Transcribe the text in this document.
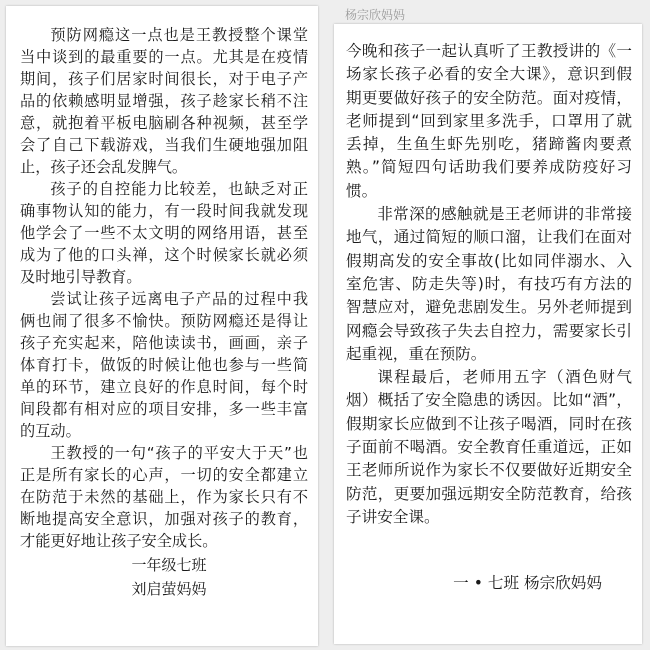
预防网瘾这一点也是王教授整个课堂当中谈到的最重要的一点。尤其是在疫情期间，孩子们居家时间很长，对于电子产品的依赖感明显增强，孩子趁家长稍不注意，就抱着平板电脑刷各种视频，甚至学会了自己下载游戏，当我们生硬地强加阻止，孩子还会乱发脾气。

孩子的自控能力比较差，也缺乏对正确事物认知的能力，有一段时间我就发现他学会了一些不太文明的网络用语，甚至成为了他的口头禅，这个时候家长就必须及时地引导教育。

尝试让孩子远离电子产品的过程中我俩也闹了很多不愉快。预防网瘾还是得让孩子充实起来，陪他读读书，画画，亲子体育打卡，做饭的时候让他也参与一些简单的环节，建立良好的作息时间，每个时间段都有相对应的项目安排，多一些丰富的互动。

王教授的一句“孩子的平安大于天”也正是所有家长的心声，一切的安全都建立在防范于未然的基础上，作为家长只有不断地提高安全意识，加强对孩子的教育，才能更好地让孩子安全成长。

一年级七班
刘启萤妈妈
杨宗欣妈妈

今晚和孩子一起认真听了王教授讲的《一场家长孩子必看的安全大课》，意识到假期更要做好孩子的安全防范。面对疫情，老师提到“回到家里多洗手，口罩用了就丢掉，生鱼生虾先别吃，猪蹄酱肉要煮熟。”简短四句话助我们要养成防疫好习惯。

非常深的感触就是王老师讲的非常接地气，通过简短的顺口溜，让我们在面对假期高发的安全事故(比如同伴溺水、入室危害、防走失等)时，有技巧有方法的智慧应对，避免悲剧发生。另外老师提到网瘾会导致孩子失去自控力，需要家长引起重视，重在预防。

课程最后，老师用五字（酒色财气烟）概括了安全隐患的诱因。比如“酒”，假期家长应做到不让孩子喝酒，同时在孩子面前不喝酒。安全教育任重道远，正如王老师所说作为家长不仅要做好近期安全防范，更要加强远期安全防范教育，给孩子讲安全课。

一 • 七班 杨宗欣妈妈
